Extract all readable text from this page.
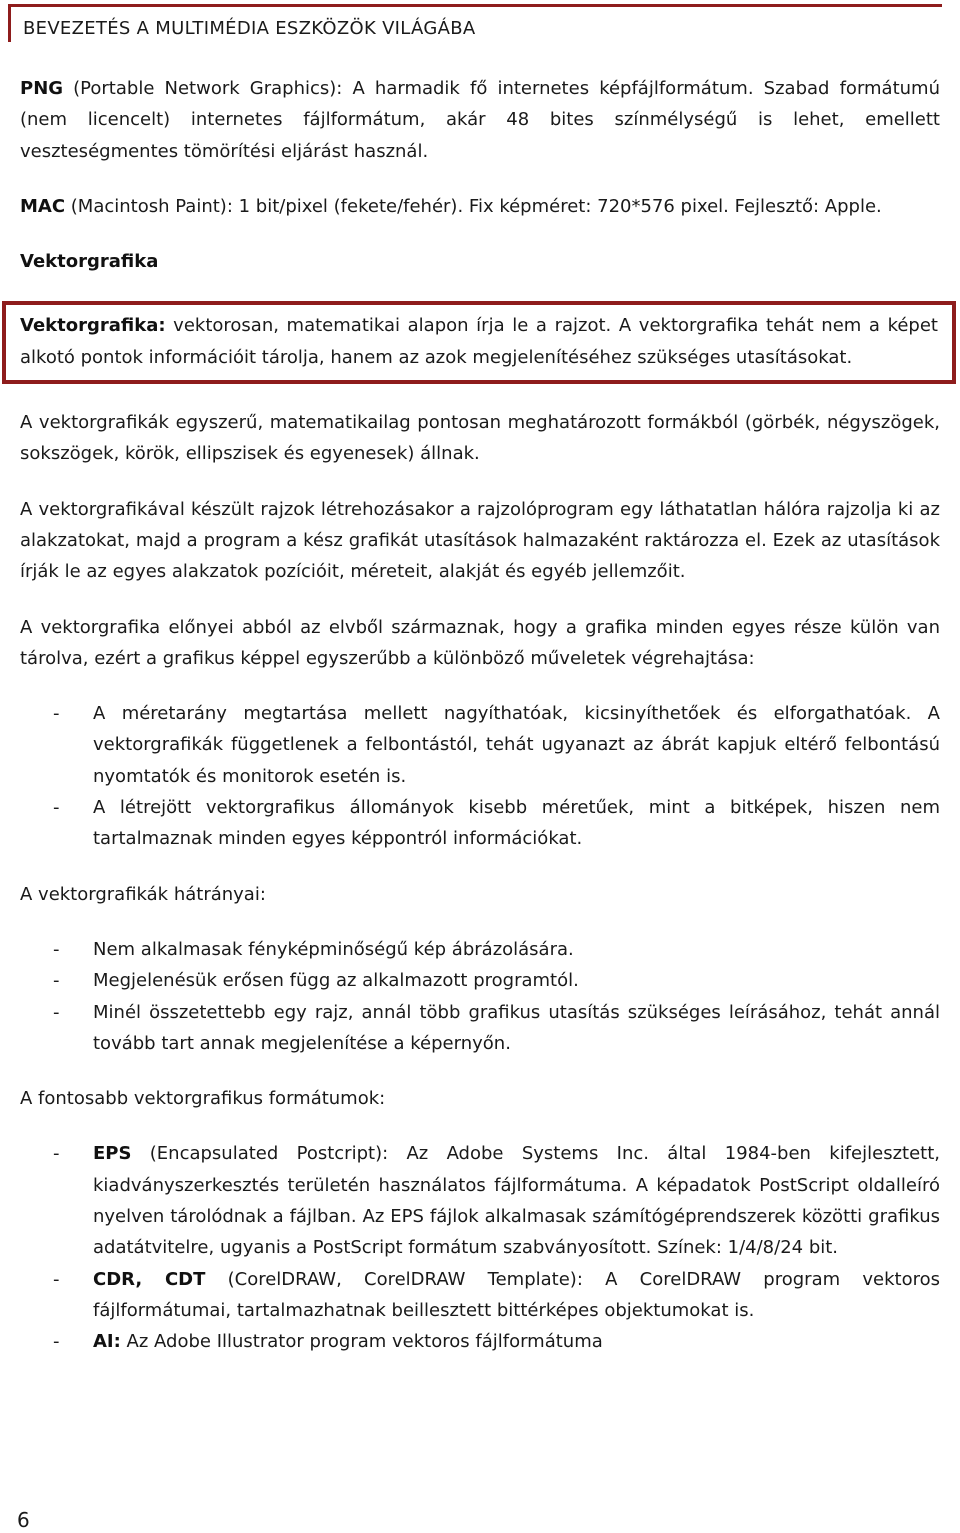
BEVEZETÉS A MULTIMÉDIA ESZKÖZÖK VILÁGÁBA

PNG (Portable Network Graphics): A harmadik fő internetes képfájlformátum. Szabad formátumú (nem licencelt) internetes fájlformátum, akár 48 bites színmélységű is lehet, emellett veszteségmentes tömörítési eljárást használ.

MAC (Macintosh Paint): 1 bit/pixel (fekete/fehér). Fix képméret: 720*576 pixel. Fejlesztő: Apple.

Vektorgrafika

Vektorgrafika: vektorosan, matematikai alapon írja le a rajzot. A vektorgrafika tehát nem a képet alkotó pontok információit tárolja, hanem az azok megjelenítéséhez szükséges utasításokat.

A vektorgrafikák egyszerű, matematikailag pontosan meghatározott formákból (görbék, négyszögek, sokszögek, körök, ellipszisek és egyenesek) állnak.

A vektorgrafikával készült rajzok létrehozásakor a rajzolóprogram egy láthatatlan hálóra rajzolja ki az alakzatokat, majd a program a kész grafikát utasítások halmazaként raktározza el. Ezek az utasítások írják le az egyes alakzatok pozícióit, méreteit, alakját és egyéb jellemzőit.

A vektorgrafika előnyei abból az elvből származnak, hogy a grafika minden egyes része külön van tárolva, ezért a grafikus képpel egyszerűbb a különböző műveletek végrehajtása:

- A méretarány megtartása mellett nagyíthatóak, kicsinyíthetőek és elforgathatóak. A vektorgrafikák függetlenek a felbontástól, tehát ugyanazt az ábrát kapjuk eltérő felbontású nyomtatók és monitorok esetén is.
- A létrejött vektorgrafikus állományok kisebb méretűek, mint a bitképek, hiszen nem tartalmaznak minden egyes képpontról információkat.

A vektorgrafikák hátrányai:

- Nem alkalmasak fényképminőségű kép ábrázolására.
- Megjelenésük erősen függ az alkalmazott programtól.
- Minél összetettebb egy rajz, annál több grafikus utasítás szükséges leírásához, tehát annál tovább tart annak megjelenítése a képernyőn.

A fontosabb vektorgrafikus formátumok:

- EPS (Encapsulated Postcript): Az Adobe Systems Inc. által 1984-ben kifejlesztett, kiadványszerkesztés területén használatos fájlformátuma. A képadatok PostScript oldalleíró nyelven tárolódnak a fájlban. Az EPS fájlok alkalmasak számítógéprendszerek közötti grafikus adatátvitelre, ugyanis a PostScript formátum szabványosított. Színek: 1/4/8/24 bit.
- CDR, CDT (CorelDRAW, CorelDRAW Template): A CorelDRAW program vektoros fájlformátumai, tartalmazhatnak beillesztett bittérképes objektumokat is.
- AI: Az Adobe Illustrator program vektoros fájlformátuma
6
